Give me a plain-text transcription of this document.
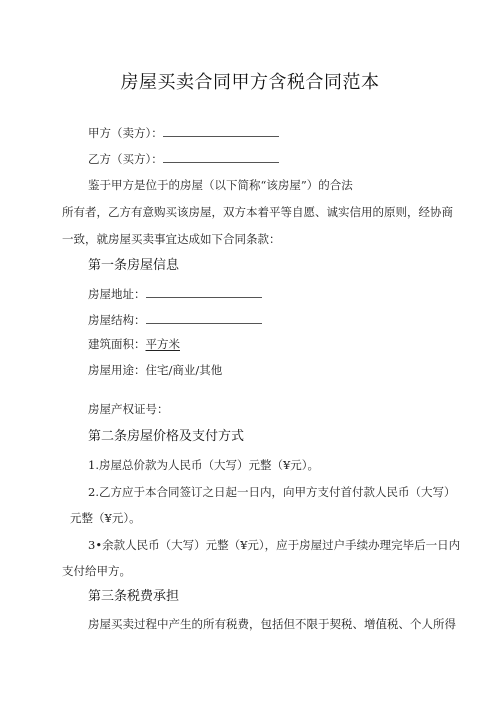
房屋买卖合同甲方含税合同范本
甲方（卖方）：
乙方（买方）：
鉴于甲方是位于的房屋（以下简称“该房屋”）的合法
所有者，乙方有意购买该房屋，双方本着平等自愿、诚实信用的原则，经协商
一致，就房屋买卖事宜达成如下合同条款：
第一条房屋信息
房屋地址：
房屋结构：
建筑面积：平方米
房屋用途：住宅/商业/其他
房屋产权证号：
第二条房屋价格及支付方式
1.房屋总价款为人民币（大写）元整（¥元）。
2.乙方应于本合同签订之日起一日内，向甲方支付首付款人民币（大写）
元整（¥元）。
3•余款人民币（大写）元整（¥元），应于房屋过户手续办理完毕后一日内
支付给甲方。
第三条税费承担
房屋买卖过程中产生的所有税费，包括但不限于契税、增值税、个人所得
